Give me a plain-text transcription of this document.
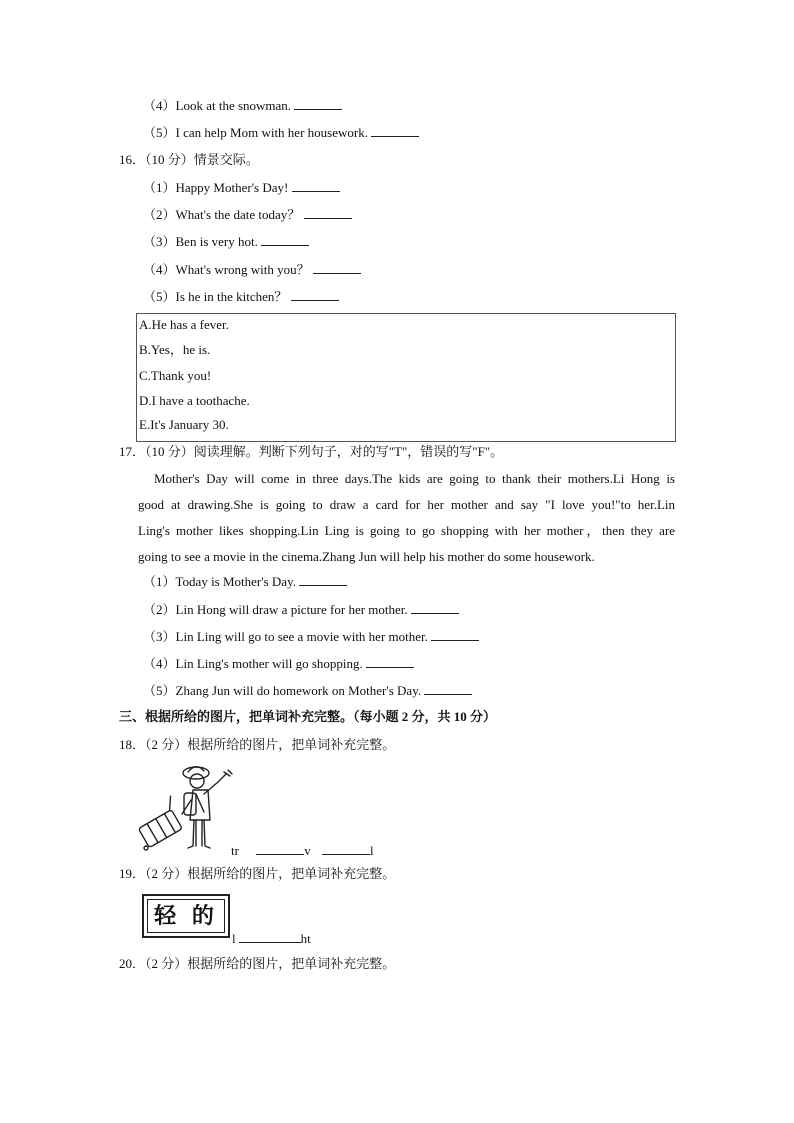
（4）Look at the snowman.
（5）I can help Mom with her housework.
16．（10 分）情景交际。
（1）Happy Mother's Day!
（2）What's the date today？
（3）Ben is very hot.
（4）What's wrong with you？
（5）Is he in the kitchen？
A.He has a fever.
B.Yes，he is.
C.Thank you!
D.I have a toothache.
E.It's January 30.
17．（10 分）阅读理解。判断下列句子，对的写"T"，错误的写"F"。
Mother's Day will come in three days.The kids are going to thank their mothers.Li Hong is
good at drawing.She is going to draw a card for her mother and say "I love you!"to her.Lin
Ling's mother likes shopping.Lin Ling is going to go shopping with her mother，then they are
going to see a movie in the cinema.Zhang Jun will help his mother do some housework.
（1）Today is Mother's Day.
（2）Lin Hong will draw a picture for her mother.
（3）Lin Ling will go to see a movie with her mother.
（4）Lin Ling's mother will go shopping.
（5）Zhang Jun will do homework on Mother's Day.
三、根据所给的图片，把单词补充完整。（每小题 2 分，共 10 分）
18．（2 分）根据所给的图片，把单词补充完整。
tr	v	l
19．（2 分）根据所给的图片，把单词补充完整。
轻 的
l	ht
20．（2 分）根据所给的图片，把单词补充完整。
